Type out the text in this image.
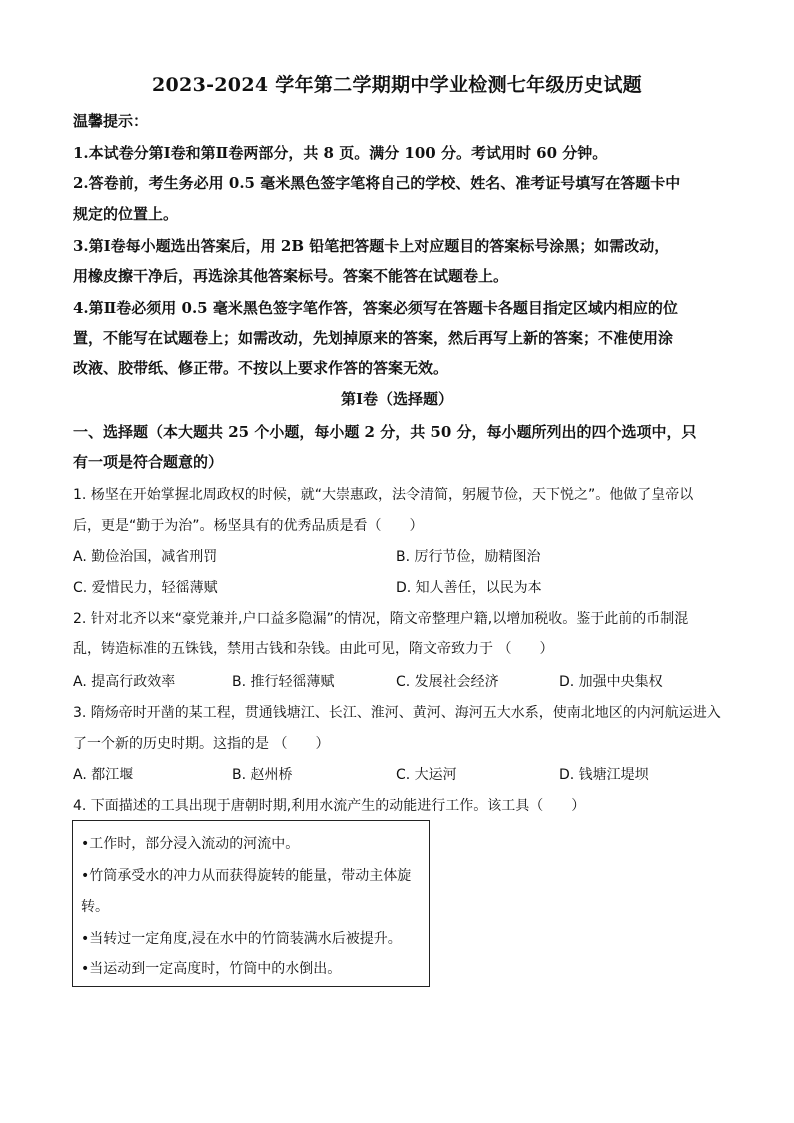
2023-2024 学年第二学期期中学业检测七年级历史试题
温馨提示：
1.本试卷分第Ⅰ卷和第Ⅱ卷两部分，共 8 页。满分 100 分。考试用时 60 分钟。
2.答卷前，考生务必用 0.5 毫米黑色签字笔将自己的学校、姓名、准考证号填写在答题卡中
规定的位置上。
3.第Ⅰ卷每小题选出答案后，用 2B 铅笔把答题卡上对应题目的答案标号涂黑；如需改动，
用橡皮擦干净后，再选涂其他答案标号。答案不能答在试题卷上。
4.第Ⅱ卷必须用 0.5 毫米黑色签字笔作答，答案必须写在答题卡各题目指定区域内相应的位
置，不能写在试题卷上；如需改动，先划掉原来的答案，然后再写上新的答案；不准使用涂
改液、胶带纸、修正带。不按以上要求作答的答案无效。
第Ⅰ卷（选择题）
一、选择题（本大题共 25 个小题，每小题 2 分，共 50 分，每小题所列出的四个选项中，只
有一项是符合题意的）
1. 杨坚在开始掌握北周政权的时候，就“大崇惠政，法令清简，躬履节俭，天下悦之”。他做了皇帝以
后，更是“勤于为治”。杨坚具有的优秀品质是看（　　）
A. 勤俭治国，减省刑罚	B. 厉行节俭，励精图治
C. 爱惜民力，轻徭薄赋	D. 知人善任，以民为本
2. 针对北齐以来“豪党兼并,户口益多隐漏”的情况，隋文帝整理户籍,以增加税收。鉴于此前的币制混
乱，铸造标准的五铢钱，禁用古钱和杂钱。由此可见，隋文帝致力于 （　　）
A. 提高行政效率	B. 推行轻徭薄赋	C. 发展社会经济	D. 加强中央集权
3. 隋炀帝时开凿的某工程，贯通钱塘江、长江、淮河、黄河、海河五大水系，使南北地区的内河航运进入
了一个新的历史时期。这指的是 （　　）
A. 都江堰	B. 赵州桥	C. 大运河	D. 钱塘江堤坝
4. 下面描述的工具出现于唐朝时期,利用水流产生的动能进行工作。该工具（　　）
•工作时，部分浸入流动的河流中。
•竹筒承受水的冲力从而获得旋转的能量，带动主体旋
转。
•当转过一定角度,浸在水中的竹筒装满水后被提升。
•当运动到一定高度时，竹筒中的水倒出。
